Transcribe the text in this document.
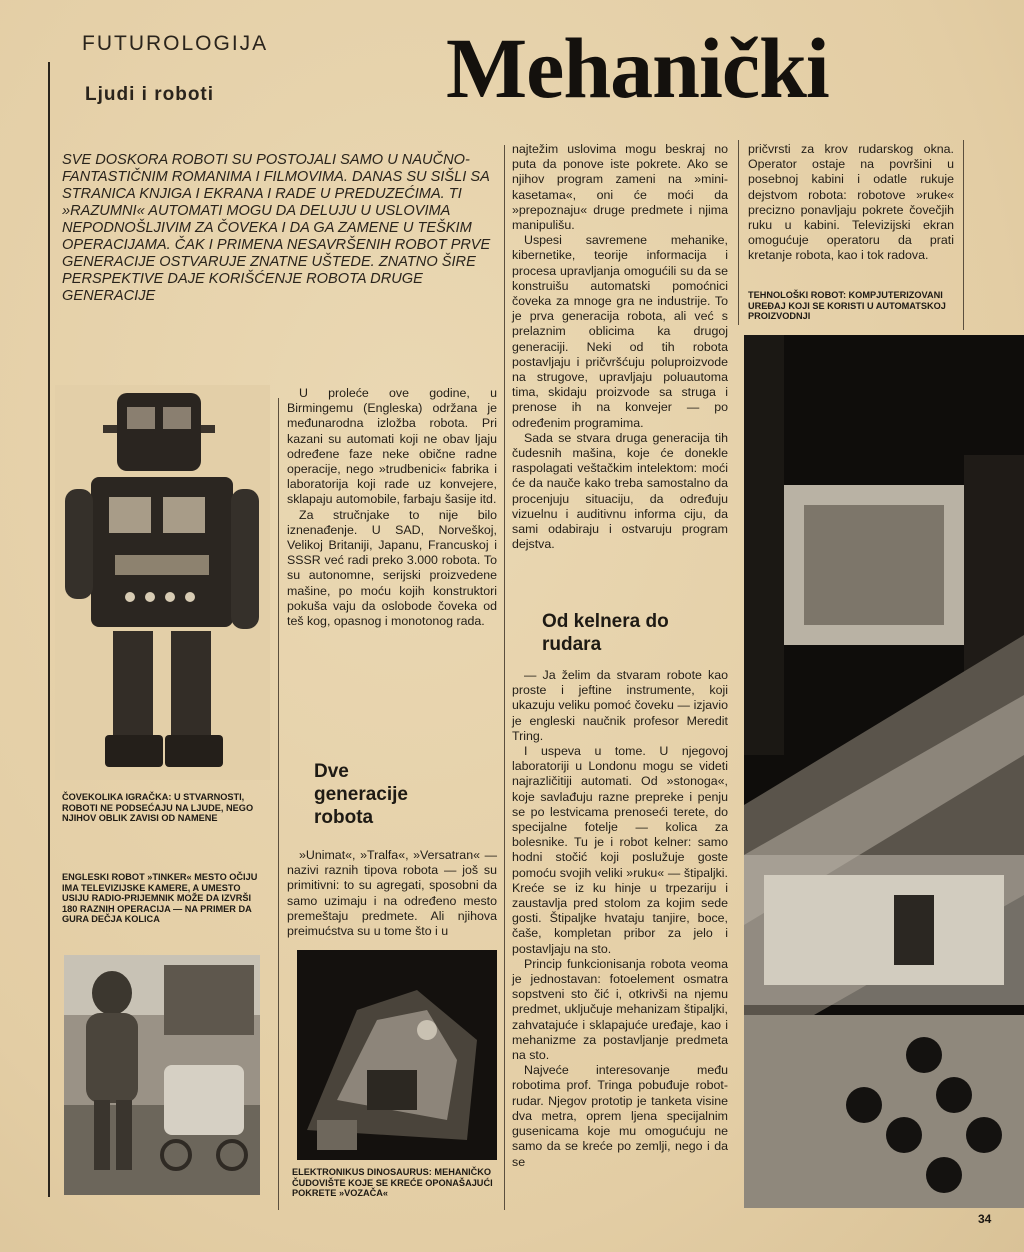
FUTUROLOGIJA
Ljudi i roboti	Mehanički

SVE DOSKORA ROBOTI SU POSTOJALI SAMO U NAUČNO-FANTASTIČNIM ROMANIMA I FILMOVIMA. DANAS SU SIŠLI SA STRANICA KNJIGA I EKRANA I RADE U PREDUZEĆIMA. TI »RAZUMNI« AUTOMATI MOGU DA DELUJU U USLOVIMA NEPODNOŠLJIVIM ZA ČOVEKA I DA GA ZAMENE U TEŠKIM OPERACIJAMA. ČAK I PRIMENA NESAVRŠENIH ROBOT PRVE GENERACIJE OSTVARUJE ZNATNE UŠTEDE. ZNATNO ŠIRE PERSPEKTIVE DAJE KORIŠĆENJE ROBOTA DRUGE GENERACIJE

najtežim uslovima mogu beskraj no puta da ponove iste pokrete. Ako se njihov program zameni na »mini-kasetama«, oni će moći da »prepoznaju« druge predmete i njima manipulišu.

Uspesi savremene mehanike, kibernetike, teorije informacija i procesa upravljanja omogućili su da se konstruišu automatski pomoćnici čoveka za mnoge gra ne industrije. To je prva generacija robota, ali već s prelaznim oblicima ka drugoj generaciji. Neki od tih robota postavljaju i pričvršćuju poluproizvode na strugove, upravljaju poluautoma tima, skidaju proizvode sa struga i prenose ih na konvejer — po određenim programima.

Sada se stvara druga generacija tih čudesnih mašina, koje će donekle raspolagati veštačkim intelektom: moći će da nauče kako treba samostalno da procenjuju situaciju, da određuju vizuelnu i auditivnu informa ciju, da sami odabiraju i ostvaruju program dejstva.

pričvrsti za krov rudarskog okna. Operator ostaje na površini u posebnoj kabini i odatle rukuje dejstvom robota: robotove »ruke« precizno ponavljaju pokrete čovečjih ruku u kabini. Televizijski ekran omogućuje operatoru da prati kretanje robota, kao i tok radova.

TEHNOLOŠKI ROBOT: KOMPJUTERIZOVANI UREĐAJ KOJI SE KORISTI U AUTOMATSKOJ PROIZVODNJI

U proleće ove godine, u Birmingemu (Engleska) održana je međunarodna izložba robota. Pri kazani su automati koji ne obav ljaju određene faze neke obične radne operacije, nego »trudbenici« fabrika i laboratorija koji rade uz konvejere, sklapaju automobile, farbaju šasije itd.

Za stručnjake to nije bilo iznenađenje. U SAD, Norveškoj, Velikoj Britaniji, Japanu, Francuskoj i SSSR već radi preko 3.000 robota. To su autonomne, serijski proizvedene mašine, po moću kojih konstruktori pokuša vaju da oslobode čoveka od teš kog, opasnog i monotonog rada.

Dve generacije robota
Od kelnera do rudara

»Unimat«, »Tralfa«, »Versatran« — nazivi raznih tipova robota — još su primitivni: to su agregati, sposobni da samo uzimaju i na određeno mesto premeštaju predmete. Ali njihova preimućstva su u tome što i u

— Ja želim da stvaram robote kao proste i jeftine instrumente, koji ukazuju veliku pomoć čoveku — izjavio je engleski naučnik profesor Meredit Tring.

I uspeva u tome. U njegovoj laboratoriji u Londonu mogu se videti najrazličitiji automati. Od »stonoga«, koje savlađuju razne prepreke i penju se po lestvicama prenoseći terete, do specijalne foteljе — kolica za bolesnike. Tu je i robot kelner: samo hodni stočić koji poslužuje goste pomoću svojih veliki »ruku« — štipaljki. Kreće se iz ku hinje u trpezariju i zaustavlja pred stolom za kojim sede gosti. Štipaljke hvataju tanjire, boce, čaše, kompletan pribor za jelo i postavljaju na sto.

Princip funkcionisanja robota veoma je jednostavan: fotoelement osmatra sopstveni sto čić i, otkrivši na njemu predmet, uključuje mehanizam štipaljki, zahvatajuće i sklapajuće uređaje, kao i mehanizme za postavljanje predmeta na sto.

Najveće interesovanje među robotima prof. Tringa pobuđuje robot-rudar. Njegov prototip je tanketa visine dva metra, oprem ljena specijalnim gusenicama koje mu omogućuju ne samo da se kreće po zemlji, nego i da se

ČOVEKOLIKA IGRAČKA: U STVARNOSTI, ROBOTI NE PODSEĆAJU NA LJUDE, NEGO NJIHOV OBLIK ZAVISI OD NAMENE

ENGLESKI ROBOT »TINKER« MESTO OČIJU IMA TELEVIZIJSKE KAMERE, A UMESTO USIJU RADIO-PRIJEMNIK MOŽE DA IZVRŠI 180 RAZNIH OPERACIJA — NA PRIMER DA GURA DEČJA KOLICA

ELEKTRONIKUS DINOSAURUS: MEHANIČKO ČUDOVIŠTE KOJE SE KREĆE OPONAŠAJUĆI POKRETE »VOZAČA«

34
